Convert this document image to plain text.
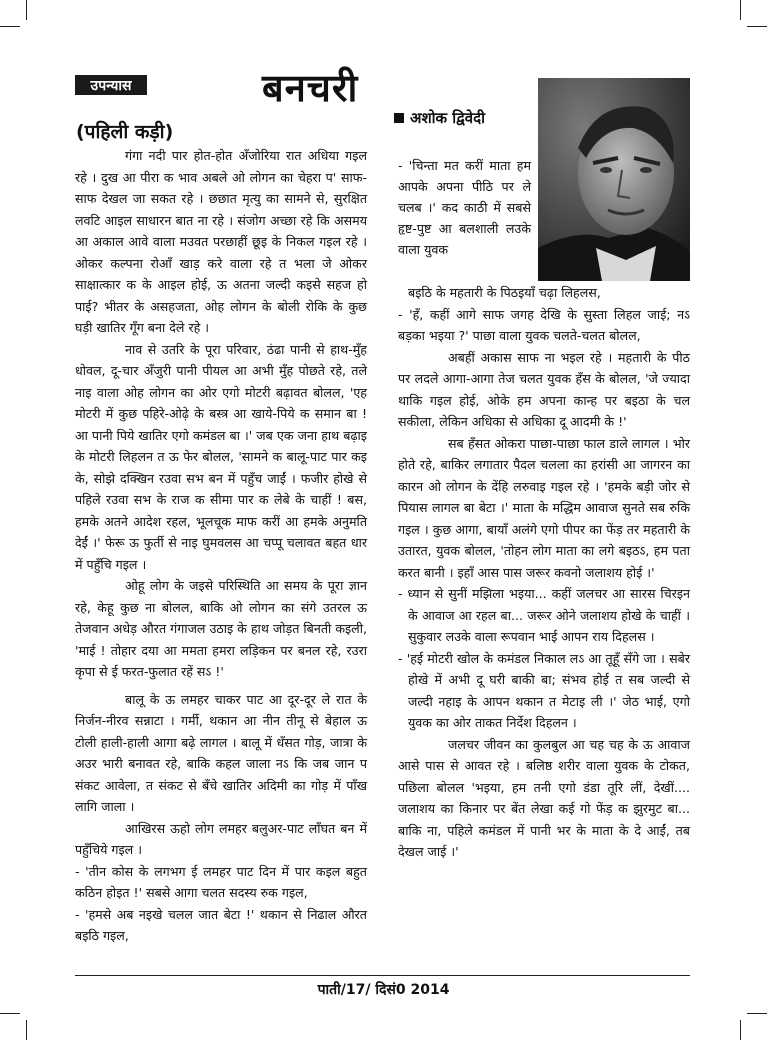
उपन्यास	बनचरी
(पहिली कड़ी)
अशोक द्विवेदी

गंगा नदी पार होत-होत अँजोरिया रात अधिया गइल रहे । दुख आ पीरा क भाव अबले ओ लोगन का चेहरा प' साफ-साफ देखल जा सकत रहे । छछात मृत्यु का सामने से, सुरक्षित लवटि आइल साधारन बात ना रहे । संजोग अच्छा रहे कि असमय आ अकाल आवे वाला मउवत परछाहीं छूइ के निकल गइल रहे । ओकर कल्पना रोआँ खाड़ करे वाला रहे त भला जे ओकर साक्षात्कार क के आइल होई, ऊ अतना जल्दी कइसे सहज हो पाई? भीतर के असहजता, ओह लोगन के बोली रोकि के कुछ घड़ी खातिर गूँग बना देले रहे ।

नाव से उतरि के पूरा परिवार, ठंढा पानी से हाथ-मुँह धोवल, दू-चार अँजुरी पानी पीयल आ अभी मुँह पोछते रहे, तले नाइ वाला ओह लोगन का ओर एगो मोटरी बढ़ावत बोलल, 'एह मोटरी में कुछ पहिरे-ओढ़े के बस्त्र आ खाये-पिये क समान बा ! आ पानी पिये खातिर एगो कमंडल बा ।' जब एक जना हाथ बढ़ाइ के मोटरी लिहलन त ऊ फेर बोलल, 'सामने क बालू-पाट पार कइ के, सोझे दक्खिन रउवा सभ बन में पहुँच जाईं । फजीर होखे से पहिले रउवा सभ के राज क सीमा पार क लेबे के चाहीं ! बस, हमके अतने आदेश रहल, भूलचूक माफ करीं आ हमके अनुमति देईं ।' फेरू ऊ फुर्ती से नाइ घुमवलस आ चप्पू चलावत बहत धार में पहुँचि गइल ।

ओहू लोग के जइसे परिस्थिति आ समय के पूरा ज्ञान रहे, केहू कुछ ना बोलल, बाकि ओ लोगन का संगे उतरल ऊ तेजवान अधेड़ औरत गंगाजल उठाइ के हाथ जोड़त बिनती कइली, 'माई ! तोहार दया आ ममता हमरा लड़िकन पर बनल रहे, रउरा कृपा से ई फरत-फुलात रहें सऽ !'

बालू के ऊ लमहर चाकर पाट आ दूर-दूर ले रात के निर्जन-नीरव सन्नाटा । गर्मी, थकान आ नीन तीनू से बेहाल ऊ टोली हाली-हाली आगा बढ़े लागल । बालू में धँसत गोड़, जात्रा के अउर भारी बनावत रहे, बाकि कहल जाला नऽ कि जब जान प संकट आवेला, त संकट से बँचे खातिर अदिमी का गोड़ में पाँख लागि जाला ।

आखिरस ऊहो लोग लमहर बलुअर-पाट लाँघत बन में पहुँचिये गइल ।

- 'तीन कोस के लगभग ई लमहर पाट दिन में पार कइल बहुत कठिन होइत !' सबसे आगा चलत सदस्य रुक गइल,

- 'हमसे अब नइखे चलल जात बेटा !' थकान से निढाल औरत बइठि गइल,

- 'चिन्ता मत करीं माता हम आपके अपना पीठि पर ले चलब ।' कद काठी में सबसे हृष्ट-पुष्ट आ बलशाली लउके वाला युवक

बइठि के महतारी के पिठइयाँ चढ़ा लिहलस,

- 'हँ, कहीं आगे साफ जगह देखि के सुस्ता लिहल जाई; नऽ बड़का भइया ?' पाछा वाला युवक चलते-चलत बोलल,

अबहीं अकास साफ ना भइल रहे । महतारी के पीठ पर लदले आगा-आगा तेज चलत युवक हँस के बोलल, 'जे ज्यादा थाकि गइल होई, ओके हम अपना कान्ह पर बइठा के चल सकीला, लेकिन अधिका से अधिका दू आदमी के !'

सब हँसत ओकरा पाछा-पाछा फाल डाले लागल । भोर होते रहे, बाकिर लगातार पैदल चलला का हरांसी आ जागरन का कारन ओ लोगन के देंहि लरुवाइ गइल रहे । 'हमके बड़ी जोर से पियास लागल बा बेटा ।' माता के मद्धिम आवाज सुनते सब रुकि गइल । कुछ आगा, बायाँ अलंगे एगो पीपर का फेंड़ तर महतारी के उतारत, युवक बोलल, 'तोहन लोग माता का लगे बइठऽ, हम पता करत बानी । इहाँ आस पास जरूर कवनो जलाशय होई ।'

- ध्यान से सुनीं मझिला भइया... कहीं जलचर आ सारस चिरइन के आवाज आ रहल बा... जरूर ओने जलाशय होखे के चाहीं । सुकुवार लउके वाला रूपवान भाई आपन राय दिहलस ।

- 'हई मोटरी खोल के कमंडल निकाल लऽ आ तूहूँ सँगे जा । सबेर होखे में अभी दू घरी बाकी बा; संभव होई त सब जल्दी से जल्दी नहाइ के आपन थकान त मेटाइ ली ।' जेठ भाई, एगो युवक का ओर ताकत निर्देश दिहलन ।

जलचर जीवन का कुलबुल आ चह चह के ऊ आवाज आसे पास से आवत रहे । बलिष्ठ शरीर वाला युवक के टोकत, पछिला बोलल 'भइया, हम तनी एगो डंडा तूरि लीं, देखीं.... जलाशय का किनार पर बेंत लेखा कई गो फेंड़ क झुरमुट बा... बाकि ना, पहिले कमंडल में पानी भर के माता के दे आईं, तब देखल जाई ।'

पाती/17/ दिसं0 2014
